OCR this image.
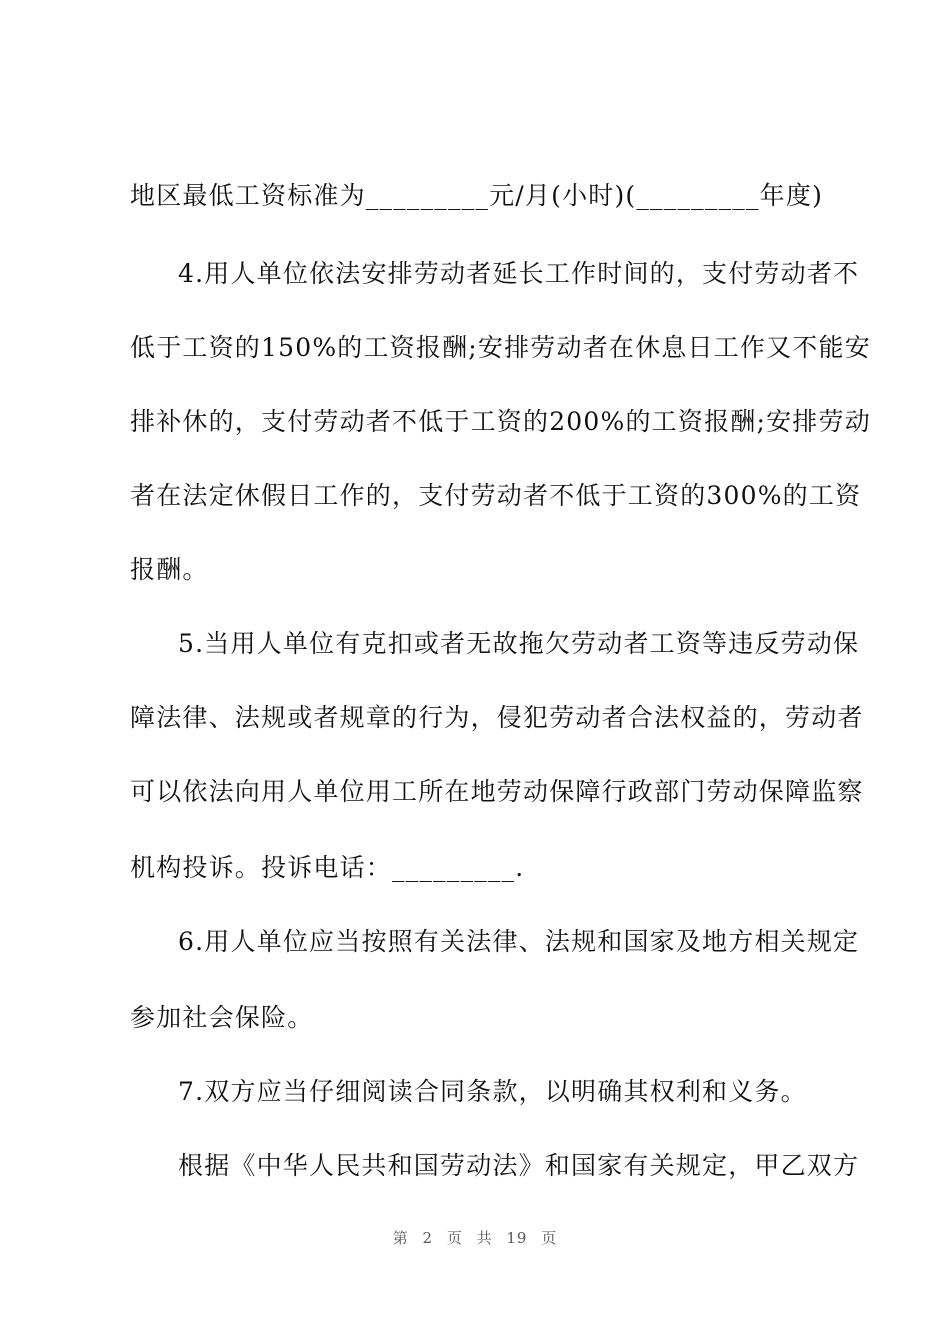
地区最低工资标准为_________元/月(小时)(_________年度)
4.用人单位依法安排劳动者延长工作时间的，支付劳动者不
低于工资的150%的工资报酬;安排劳动者在休息日工作又不能安
排补休的，支付劳动者不低于工资的200%的工资报酬;安排劳动
者在法定休假日工作的，支付劳动者不低于工资的300%的工资
报酬。
5.当用人单位有克扣或者无故拖欠劳动者工资等违反劳动保
障法律、法规或者规章的行为，侵犯劳动者合法权益的，劳动者
可以依法向用人单位用工所在地劳动保障行政部门劳动保障监察
机构投诉。投诉电话：_________.
6.用人单位应当按照有关法律、法规和国家及地方相关规定
参加社会保险。
7.双方应当仔细阅读合同条款，以明确其权利和义务。
根据《中华人民共和国劳动法》和国家有关规定，甲乙双方
第 2 页 共 19 页
